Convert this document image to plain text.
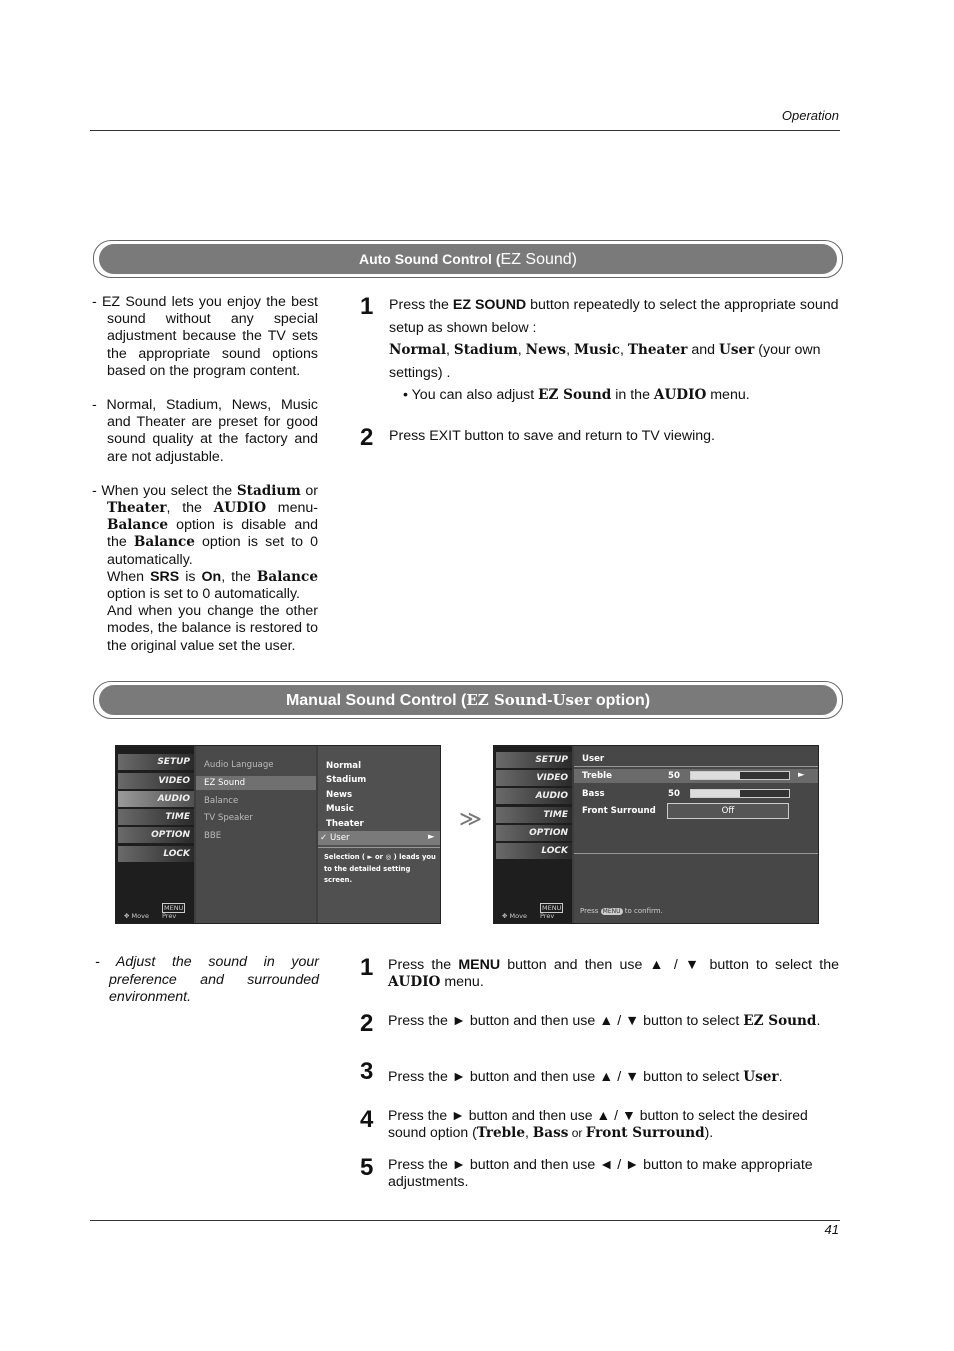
Operation
Auto Sound Control (EZ Sound)
- EZ Sound lets you enjoy the best sound without any special adjustment because the TV sets the appropriate sound options based on the program content.
- Normal, Stadium, News, Music and Theater are preset for good sound quality at the factory and are not adjustable.
- When you select the Stadium or Theater, the AUDIO menu-Balance option is disable and the Balance option is set to 0 automatically.
When SRS is On, the Balance option is set to 0 automatically.
And when you change the other modes, the balance is restored to the original value set the user.
1	Press the EZ SOUND button repeatedly to select the appropriate sound setup as shown below :
Normal, Stadium, News, Music, Theater and User (your own settings) .
• You can also adjust EZ Sound in the AUDIO menu.
2	Press EXIT button to save and return to TV viewing.
Manual Sound Control (EZ Sound-User option)
SETUP
VIDEO
AUDIO
TIME
OPTION
LOCK
✥ Move
MENU Prev
Audio Language
EZ Sound
Balance
TV Speaker
BBE
Normal
Stadium
News
Music
Theater
✓ User	►
Selection ( ► or ◎ ) leads you to the detailed setting screen.
≫
SETUP
VIDEO
AUDIO
TIME
OPTION
LOCK
✥ Move
MENU Prev
User
Treble	50	►
Bass	50
Front Surround	Off
Press MENU to confirm.
- Adjust the sound in your preference and surrounded environment.
1	Press the MENU button and then use ▲ / ▼ button to select the AUDIO menu.
2	Press the ► button and then use ▲ / ▼ button to select EZ Sound.
3	Press the ► button and then use ▲ / ▼ button to select User.
4	Press the ► button and then use ▲ / ▼ button to select the desired sound option (Treble, Bass or Front Surround).
5	Press the ► button and then use ◄ / ► button to make appropriate adjustments.
41
